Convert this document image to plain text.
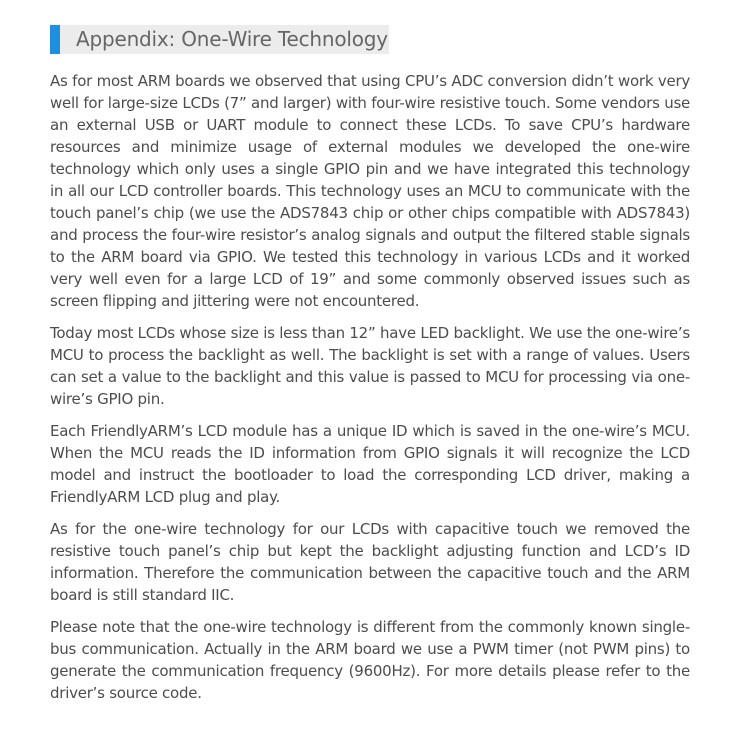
Appendix: One-Wire Technology

As for most ARM boards we observed that using CPU’s ADC conversion didn’t work very well for large-size LCDs (7” and larger) with four-wire resistive touch. Some vendors use an external USB or UART module to connect these LCDs. To save CPU’s hardware resources and minimize usage of external modules we developed the one-wire technology which only uses a single GPIO pin and we have integrated this technology in all our LCD controller boards. This technology uses an MCU to communicate with the touch panel’s chip (we use the ADS7843 chip or other chips compatible with ADS7843) and process the four-wire resistor’s analog signals and output the filtered stable signals to the ARM board via GPIO. We tested this technology in various LCDs and it worked very well even for a large LCD of 19” and some commonly observed issues such as screen flipping and jittering were not encountered.

Today most LCDs whose size is less than 12” have LED backlight. We use the one-wire’s MCU to process the backlight as well. The backlight is set with a range of values. Users can set a value to the backlight and this value is passed to MCU for processing via one-wire’s GPIO pin.

Each FriendlyARM’s LCD module has a unique ID which is saved in the one-wire’s MCU. When the MCU reads the ID information from GPIO signals it will recognize the LCD model and instruct the bootloader to load the corresponding LCD driver, making a FriendlyARM LCD plug and play.

As for the one-wire technology for our LCDs with capacitive touch we removed the resistive touch panel’s chip but kept the backlight adjusting function and LCD’s ID information. Therefore the communication between the capacitive touch and the ARM board is still standard IIC.

Please note that the one-wire technology is different from the commonly known single-bus communication. Actually in the ARM board we use a PWM timer (not PWM pins) to generate the communication frequency (9600Hz). For more details please refer to the driver’s source code.
